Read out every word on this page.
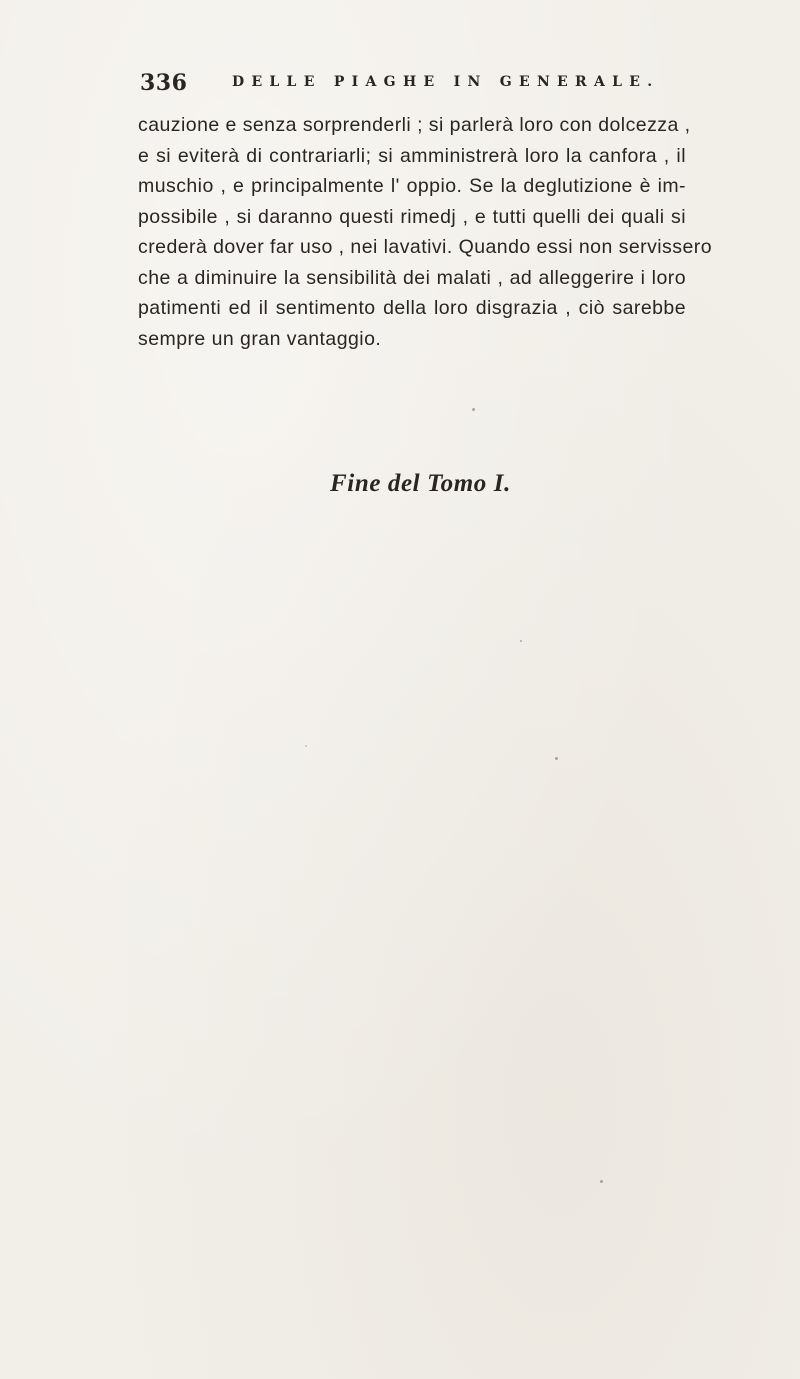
336	DELLE PIAGHE IN GENERALE.
cauzione e senza sorprenderli ; si parlerà loro con dolcezza ,
e si eviterà di contrariarli; si amministrerà loro la canfora , il
muschio , e principalmente l' oppio. Se la deglutizione è im-
possibile , si daranno questi rimedj , e tutti quelli dei quali si
crederà dover far uso , nei lavativi. Quando essi non servissero
che a diminuire la sensibilità dei malati , ad alleggerire i loro
patimenti ed il sentimento della loro disgrazia , ciò sarebbe
sempre un gran vantaggio.
Fine del Tomo I.
